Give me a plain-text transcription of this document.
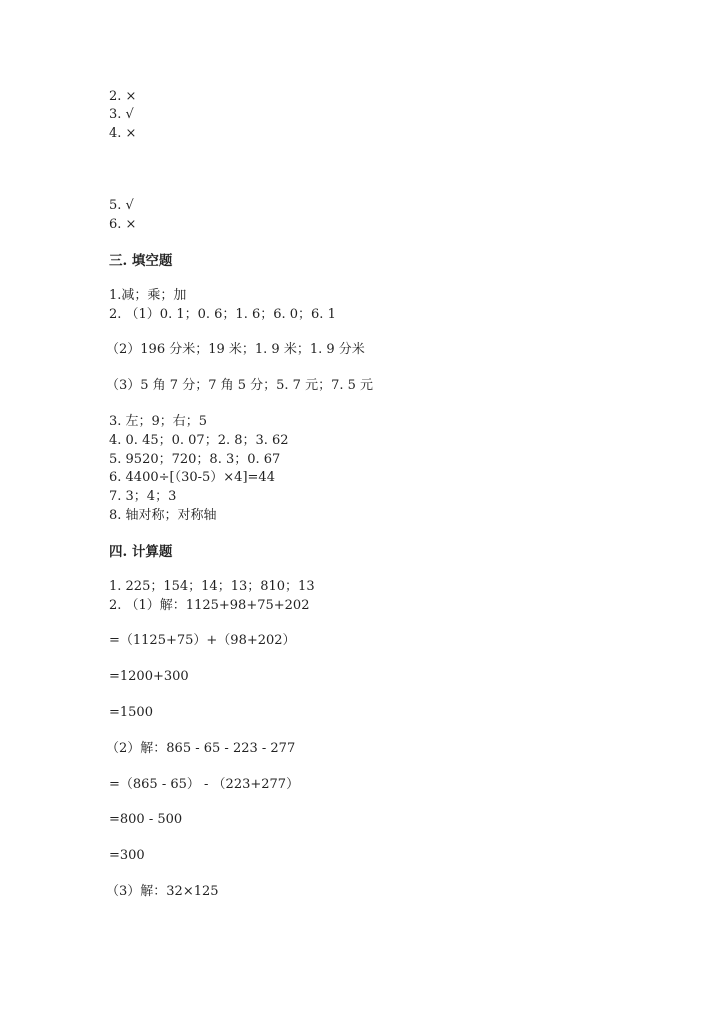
2. ×
3. √
4. ×
5. √
6. ×
三. 填空题
1.减；乘；加
2. （1）0. 1；0. 6；1. 6；6. 0；6. 1
（2）196 分米；19 米；1. 9 米；1. 9 分米
（3）5 角 7 分；7 角 5 分；5. 7 元；7. 5 元
3. 左；9；右；5
4. 0. 45；0. 07；2. 8；3. 62
5. 9520；720；8. 3；0. 67
6. 4400÷[（30-5）×4]=44
7. 3；4；3
8. 轴对称；对称轴
四. 计算题
1. 225；154；14；13；810；13
2. （1）解：1125+98+75+202
=（1125+75）+（98+202）
=1200+300
=1500
（2）解：865 - 65 - 223 - 277
=（865 - 65） - （223+277）
=800 - 500
=300
（3）解：32×125
